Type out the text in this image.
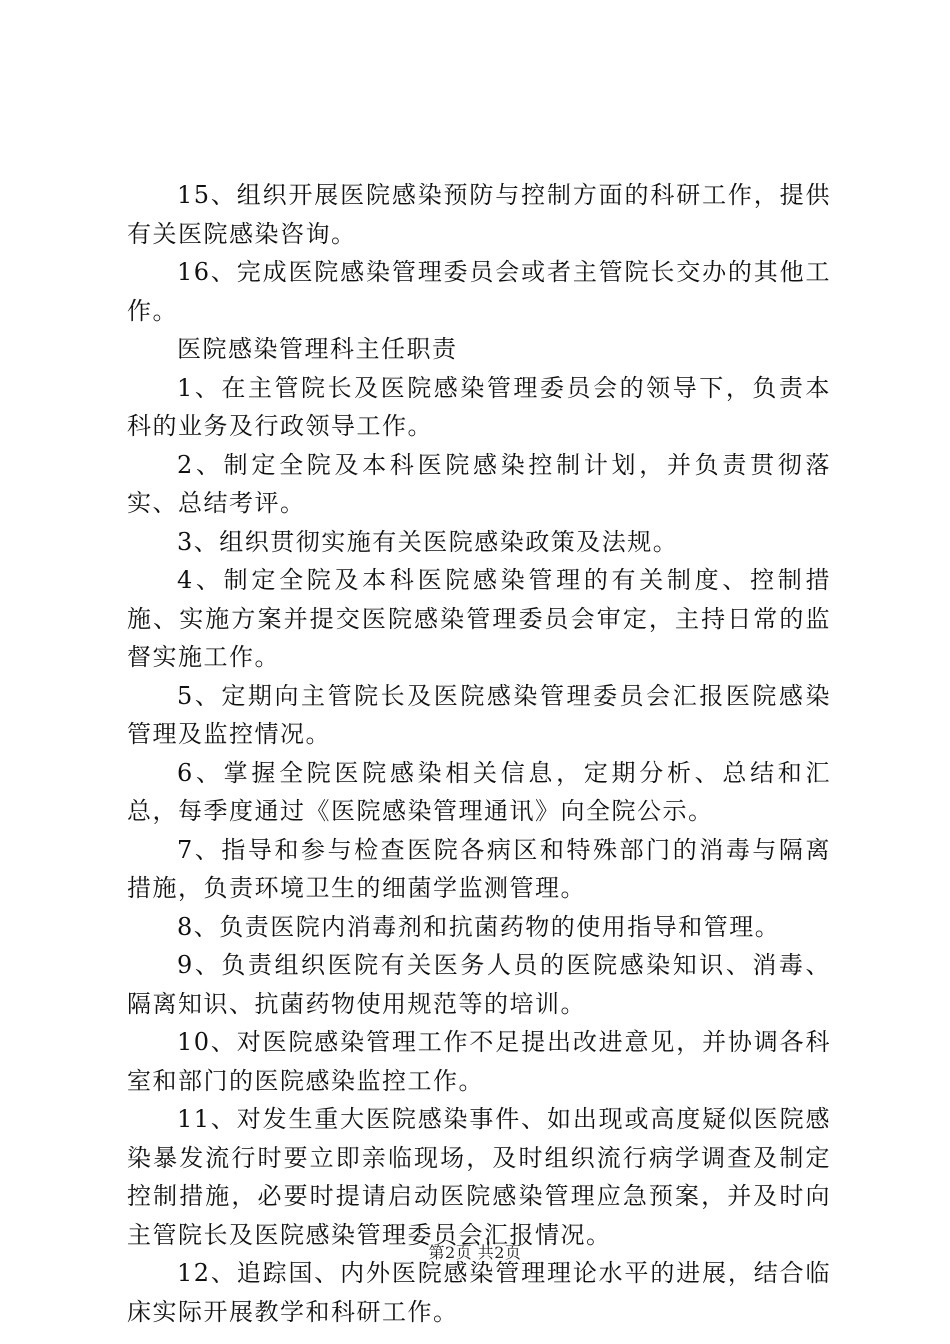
15、组织开展医院感染预防与控制方面的科研工作，提供有关医院感染咨询。

16、完成医院感染管理委员会或者主管院长交办的其他工作。

医院感染管理科主任职责

1、在主管院长及医院感染管理委员会的领导下，负责本科的业务及行政领导工作。

2、制定全院及本科医院感染控制计划，并负责贯彻落实、总结考评。

3、组织贯彻实施有关医院感染政策及法规。

4、制定全院及本科医院感染管理的有关制度、控制措施、实施方案并提交医院感染管理委员会审定，主持日常的监督实施工作。

5、定期向主管院长及医院感染管理委员会汇报医院感染管理及监控情况。

6、掌握全院医院感染相关信息，定期分析、总结和汇总，每季度通过《医院感染管理通讯》向全院公示。

7、指导和参与检查医院各病区和特殊部门的消毒与隔离措施，负责环境卫生的细菌学监测管理。

8、负责医院内消毒剂和抗菌药物的使用指导和管理。

9、负责组织医院有关医务人员的医院感染知识、消毒、隔离知识、抗菌药物使用规范等的培训。

10、对医院感染管理工作不足提出改进意见，并协调各科室和部门的医院感染监控工作。

11、对发生重大医院感染事件、如出现或高度疑似医院感染暴发流行时要立即亲临现场，及时组织流行病学调查及制定控制措施，必要时提请启动医院感染管理应急预案，并及时向主管院长及医院感染管理委员会汇报情况。

12、追踪国、内外医院感染管理理论水平的进展，结合临床实际开展教学和科研工作。

第2页 共2页
